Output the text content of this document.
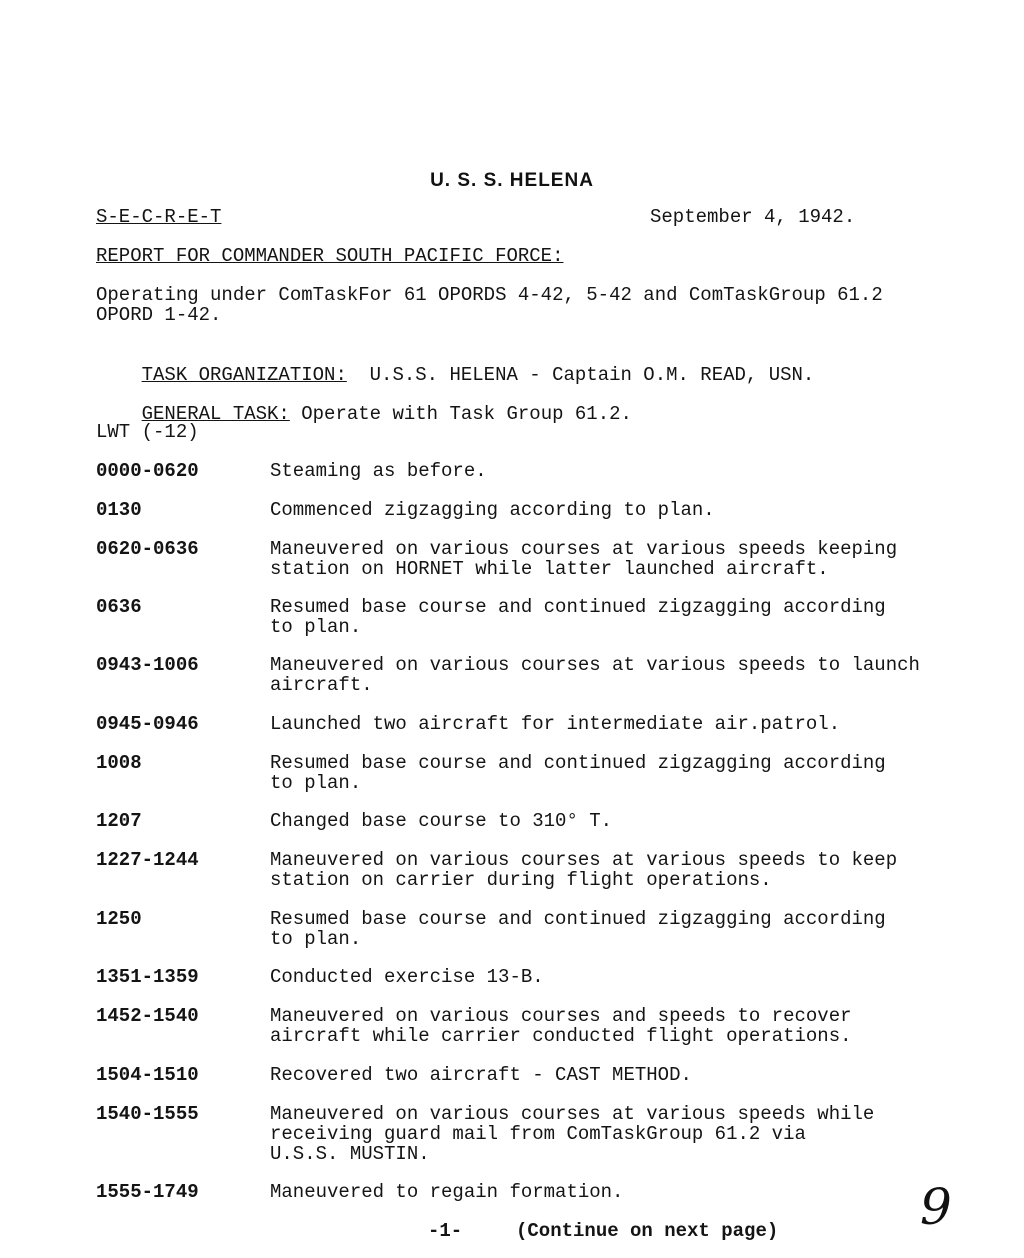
U. S. S. HELENA
S-E-C-R-E-T	September 4, 1942.
REPORT FOR COMMANDER SOUTH PACIFIC FORCE:
Operating under ComTaskFor 61 OPORDS 4-42, 5-42 and ComTaskGroup 61.2
OPORD 1-42.

TASK ORGANIZATION: U.S.S. HELENA - Captain O.M. READ, USN.

GENERAL TASK: Operate with Task Group 61.2.

LWT (-12)
0000-0620	Steaming as before.
0130	Commenced zigzagging according to plan.
0620-0636	Maneuvered on various courses at various speeds keeping
station on HORNET while latter launched aircraft.
0636	Resumed base course and continued zigzagging according
to plan.
0943-1006	Maneuvered on various courses at various speeds to launch
aircraft.
0945-0946	Launched two aircraft for intermediate air.patrol.
1008	Resumed base course and continued zigzagging according
to plan.
1207	Changed base course to 310° T.
1227-1244	Maneuvered on various courses at various speeds to keep
station on carrier during flight operations.
1250	Resumed base course and continued zigzagging according
to plan.
1351-1359	Conducted exercise 13-B.
1452-1540	Maneuvered on various courses and speeds to recover
aircraft while carrier conducted flight operations.
1504-1510	Recovered two aircraft - CAST METHOD.
1540-1555	Maneuvered on various courses at various speeds while
receiving guard mail from ComTaskGroup 61.2 via
U.S.S. MUSTIN.
1555-1749	Maneuvered to regain formation.
-1-	(Continue on next page)	9
